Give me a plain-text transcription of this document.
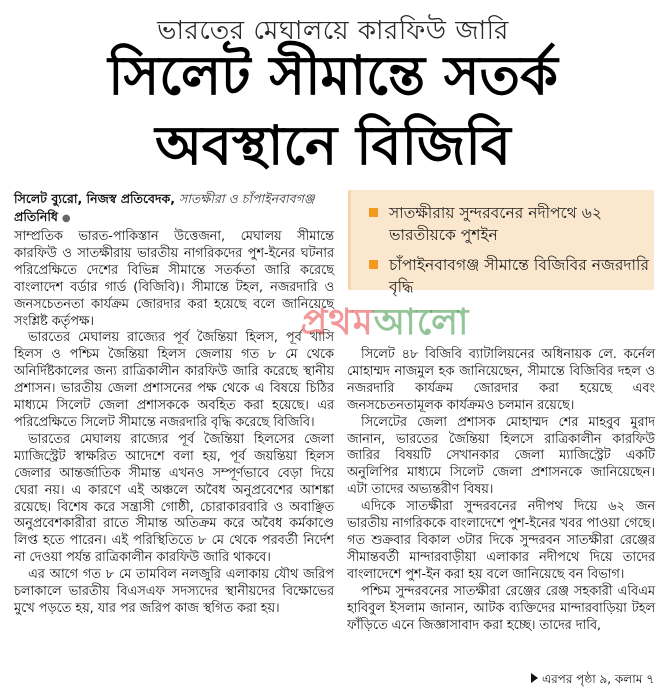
ভারতের মেঘালয়ে কারফিউ জারি
সিলেট সীমান্তে সতর্ক
অবস্থানে বিজিবি
সিলেট ব্যুরো, নিজস্ব প্রতিবেদক, সাতক্ষীরা ও চাঁপাইনবাবগঞ্জ প্রতিনিধি ●	সাতক্ষীরায় সুন্দরবনের নদীপথে ৬২ ভারতীয়কে পুশইন
চাঁপাইনবাবগঞ্জ সীমান্তে বিজিবির নজরদারি বৃদ্ধি

সাম্প্রতিক ভারত-পাকিস্তান উত্তেজনা, মেঘালয় সীমান্তে কারফিউ ও সাতক্ষীরায় ভারতীয় নাগরিকদের পুশ-ইনের ঘটনার পরিপ্রেক্ষিতে দেশের বিভিন্ন সীমান্তে সতর্কতা জারি করেছে বাংলাদেশ বর্ডার গার্ড (বিজিবি)। সীমান্তে টহল, নজরদারি ও জনসচেতনতা কার্যক্রম জোরদার করা হয়েছে বলে জানিয়েছে সংশ্লিষ্ট কর্তৃপক্ষ।

ভারতের মেঘালয় রাজ্যের পূর্ব জৈন্তিয়া হিলস, পূর্ব খাসি হিলস ও পশ্চিম জৈন্তিয়া হিলস জেলায় গত ৮ মে থেকে অনির্দিষ্টকালের জন্য রাত্রিকালীন কারফিউ জারি করেছে স্থানীয় প্রশাসন। ভারতীয় জেলা প্রশাসনের পক্ষ থেকে এ বিষয়ে চিঠির মাধ্যমে সিলেট জেলা প্রশাসককে অবহিত করা হয়েছে। এর পরিপ্রেক্ষিতে সিলেট সীমান্তে নজরদারি বৃদ্ধি করেছে বিজিবি।

ভারতের মেঘালয় রাজ্যের পূর্ব জৈন্তিয়া হিলসের জেলা ম্যাজিস্ট্রেট স্বাক্ষরিত আদেশে বলা হয়, পূর্ব জয়ন্তিয়া হিলস জেলার আন্তর্জাতিক সীমান্ত এখনও সম্পূর্ণভাবে বেড়া দিয়ে ঘেরা নয়। এ কারণে এই অঞ্চলে অবৈধ অনুপ্রবেশের আশঙ্কা রয়েছে। বিশেষ করে সন্ত্রাসী গোষ্ঠী, চোরাকারবারি ও অবাঞ্ছিত অনুপ্রবেশকারীরা রাতে সীমান্ত অতিক্রম করে অবৈধ কর্মকাণ্ডে লিপ্ত হতে পারেন। এই পরিস্থিতিতে ৮ মে থেকে পরবর্তী নির্দেশ না দেওয়া পর্যন্ত রাত্রিকালীন কারফিউ জারি থাকবে।

এর আগে গত ৮ মে তামবিল নলজুরি এলাকায় যৌথ জরিপ চলাকালে ভারতীয় বিএসএফ সদস্যদের স্থানীয়দের বিক্ষোভের মুখে পড়তে হয়, যার পর জরিপ কাজ স্থগিত করা হয়।

সিলেট ৪৮ বিজিবি ব্যাটালিয়নের অধিনায়ক লে. কর্নেল মোহাম্মদ নাজমুল হক জানিয়েছেন, সীমান্তে বিজিবির দহল ও নজরদারি কার্যক্রম জোরদার করা হয়েছে এবং জনসচেতনতামূলক কার্যক্রমও চলমান রয়েছে।

সিলেটের জেলা প্রশাসক মোহাম্মদ শের মাহবুব মুরাদ জানান, ভারতের জৈন্তিয়া হিলসে রাত্রিকালীন কারফিউ জারির বিষয়টি সেখানকার জেলা ম্যাজিস্ট্রেট একটি অনুলিপির মাধ্যমে সিলেট জেলা প্রশাসনকে জানিয়েছেন। এটা তাদের অভ্যন্তরীণ বিষয়।

এদিকে সাতক্ষীরা সুন্দরবনের নদীপথ দিয়ে ৬২ জন ভারতীয় নাগরিককে বাংলাদেশে পুশ-ইনের খবর পাওয়া গেছে। গত শুক্রবার বিকাল ৩টার দিকে সুন্দরবন সাতক্ষীরা রেঞ্জের সীমান্তবর্তী মান্দারবাড়ীয়া এলাকার নদীপথে দিয়ে তাদের বাংলাদেশে পুশ-ইন করা হয় বলে জানিয়েছে বন বিভাগ।

পশ্চিম সুন্দরবনের সাতক্ষীরা রেঞ্জের রেঞ্জ সহকারী এবিএম হাবিবুল ইসলাম জানান, আটক ব্যক্তিদের মান্দারবাড়িয়া টহল ফাঁড়িতে এনে জিজ্ঞাসাবাদ করা হচ্ছে। তাদের দাবি,

প্রথম আলো
এরপর পৃষ্ঠা ৯, কলাম ৭
